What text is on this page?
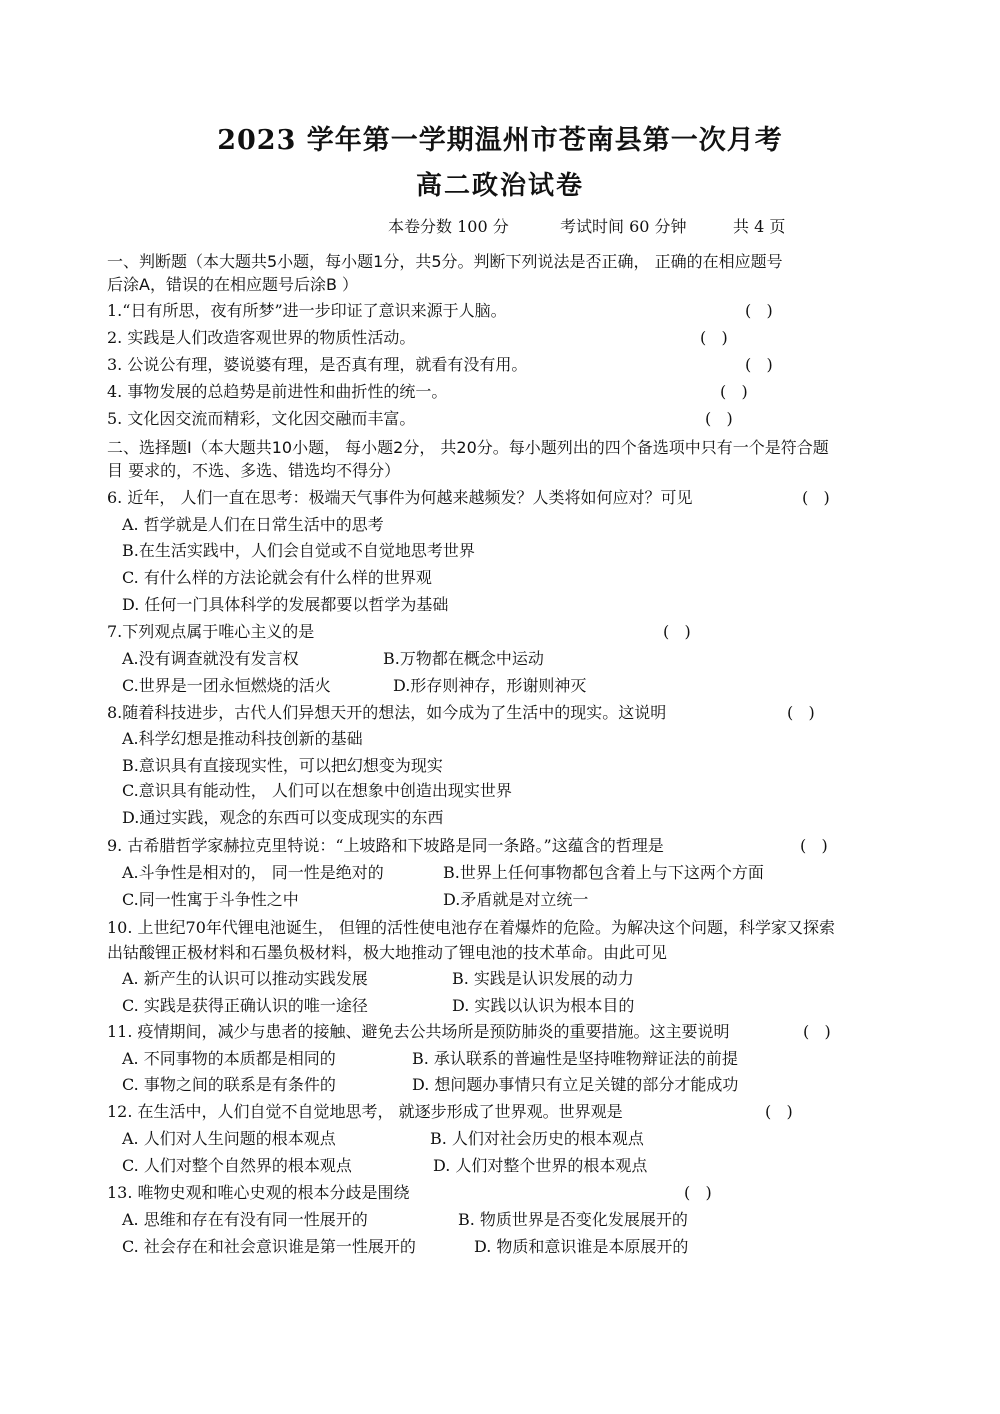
2023 学年第一学期温州市苍南县第一次月考
高二政治试卷
本卷分数 100 分	考试时间 60 分钟	共 4 页
一、判断题（本大题共5小题，每小题1分，共5分。判断下列说法是否正确， 正确的在相应题号
后涂A，错误的在相应题号后涂B ）
1.“日有所思，夜有所梦”进一步印证了意识来源于人脑。	(   )
2. 实践是人们改造客观世界的物质性活动。	(   )
3. 公说公有理，婆说婆有理，是否真有理，就看有没有用。	(   )
4. 事物发展的总趋势是前进性和曲折性的统一。	(   )
5. 文化因交流而精彩，文化因交融而丰富。	(   )
二、选择题Ⅰ（本大题共10小题， 每小题2分， 共20分。每小题列出的四个备选项中只有一个是符合题
目 要求的，不选、多选、错选均不得分）
6. 近年， 人们一直在思考：极端天气事件为何越来越频发？人类将如何应对？可见	(   )
A. 哲学就是人们在日常生活中的思考
B.在生活实践中，人们会自觉或不自觉地思考世界
C. 有什么样的方法论就会有什么样的世界观
D. 任何一门具体科学的发展都要以哲学为基础
7.下列观点属于唯心主义的是	(   )
A.没有调查就没有发言权	B.万物都在概念中运动
C.世界是一团永恒燃烧的活火	D.形存则神存，形谢则神灭
8.随着科技进步，古代人们异想天开的想法，如今成为了生活中的现实。这说明	(   )
A.科学幻想是推动科技创新的基础
B.意识具有直接现实性，可以把幻想变为现实
C.意识具有能动性， 人们可以在想象中创造出现实世界
D.通过实践，观念的东西可以变成现实的东西
9. 古希腊哲学家赫拉克里特说：“上坡路和下坡路是同一条路。”这蕴含的哲理是	(   )
A.斗争性是相对的， 同一性是绝对的	B.世界上任何事物都包含着上与下这两个方面
C.同一性寓于斗争性之中	D.矛盾就是对立统一
10. 上世纪70年代锂电池诞生， 但锂的活性使电池存在着爆炸的危险。为解决这个问题，科学家又探索
出钴酸锂正极材料和石墨负极材料，极大地推动了锂电池的技术革命。由此可见
A. 新产生的认识可以推动实践发展	B. 实践是认识发展的动力
C. 实践是获得正确认识的唯一途径	D. 实践以认识为根本目的
11. 疫情期间，减少与患者的接触、避免去公共场所是预防肺炎的重要措施。这主要说明	(   )
A. 不同事物的本质都是相同的	B. 承认联系的普遍性是坚持唯物辩证法的前提
C. 事物之间的联系是有条件的	D. 想问题办事情只有立足关键的部分才能成功
12. 在生活中，人们自觉不自觉地思考， 就逐步形成了世界观。世界观是	(   )
A. 人们对人生问题的根本观点	B. 人们对社会历史的根本观点
C. 人们对整个自然界的根本观点	D. 人们对整个世界的根本观点
13. 唯物史观和唯心史观的根本分歧是围绕	(   )
A. 思维和存在有没有同一性展开的	B. 物质世界是否变化发展展开的
C. 社会存在和社会意识谁是第一性展开的	D. 物质和意识谁是本原展开的
